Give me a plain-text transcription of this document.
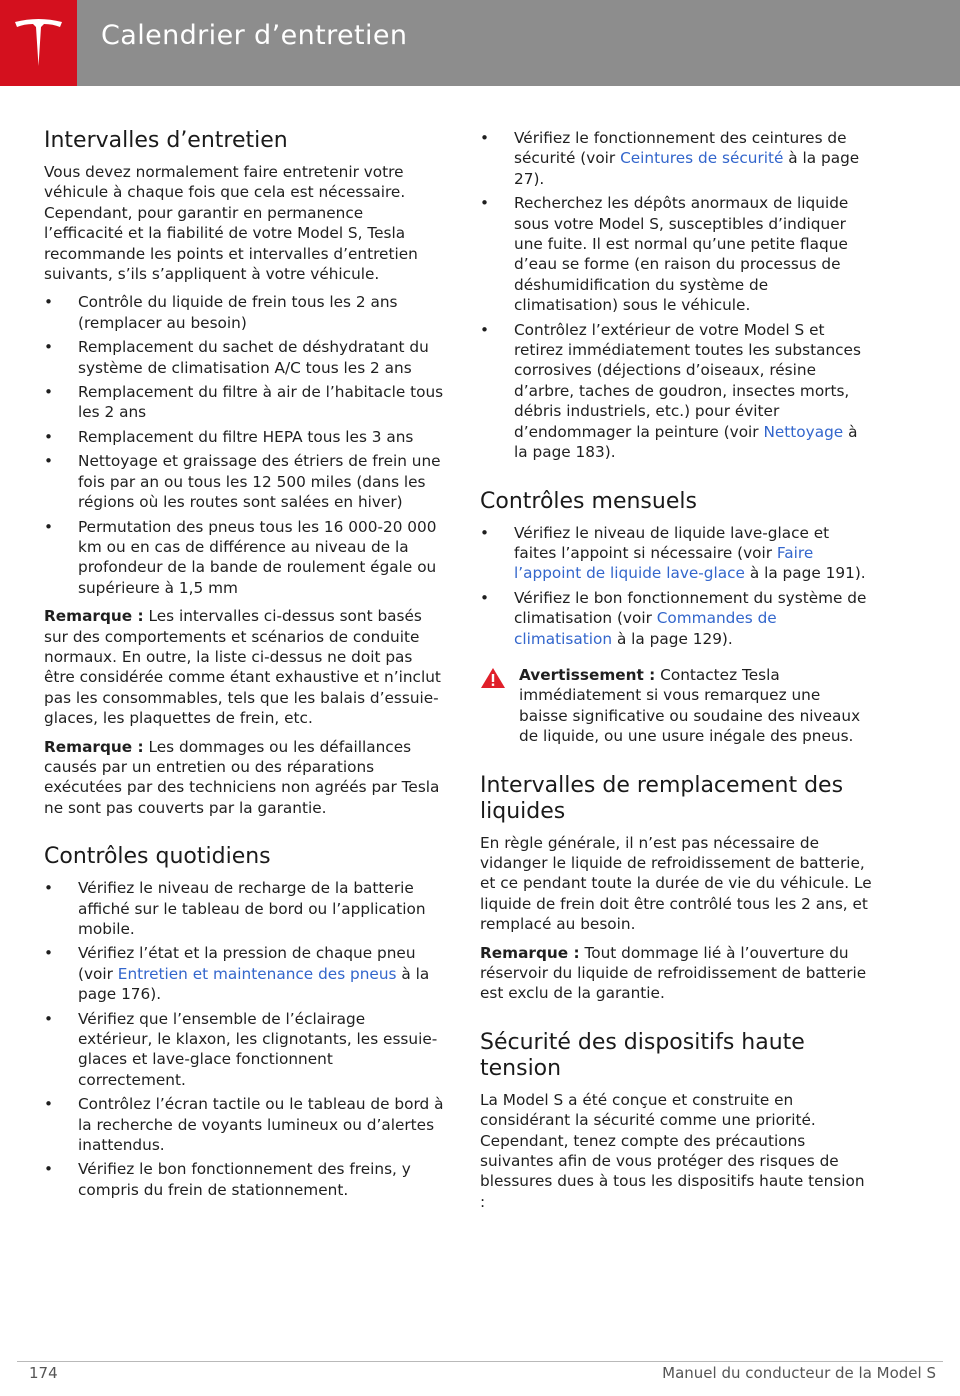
Calendrier d’entretien
Intervalles d’entretien

Vous devez normalement faire entretenir votre véhicule à chaque fois que cela est nécessaire. Cependant, pour garantir en permanence l’efficacité et la fiabilité de votre Model S, Tesla recommande les points et intervalles d’entretien suivants, s’ils s’appliquent à votre véhicule.

• Contrôle du liquide de frein tous les 2 ans (remplacer au besoin)
• Remplacement du sachet de déshydratant du système de climatisation A/C tous les 2 ans
• Remplacement du filtre à air de l’habitacle tous les 2 ans
• Remplacement du filtre HEPA tous les 3 ans
• Nettoyage et graissage des étriers de frein une fois par an ou tous les 12 500 miles (dans les régions où les routes sont salées en hiver)
• Permutation des pneus tous les 16 000-20 000 km ou en cas de différence au niveau de la profondeur de la bande de roulement égale ou supérieure à 1,5 mm

Remarque : Les intervalles ci-dessus sont basés sur des comportements et scénarios de conduite normaux. En outre, la liste ci-dessus ne doit pas être considérée comme étant exhaustive et n’inclut pas les consommables, tels que les balais d’essuie-glaces, les plaquettes de frein, etc.

Remarque : Les dommages ou les défaillances causés par un entretien ou des réparations exécutées par des techniciens non agréés par Tesla ne sont pas couverts par la garantie.

Contrôles quotidiens
• Vérifiez le niveau de recharge de la batterie affiché sur le tableau de bord ou l’application mobile.
• Vérifiez l’état et la pression de chaque pneu (voir Entretien et maintenance des pneus à la page 176).
• Vérifiez que l’ensemble de l’éclairage extérieur, le klaxon, les clignotants, les essuie-glaces et lave-glace fonctionnent correctement.
• Contrôlez l’écran tactile ou le tableau de bord à la recherche de voyants lumineux ou d’alertes inattendus.
• Vérifiez le bon fonctionnement des freins, y compris du frein de stationnement.
• Vérifiez le fonctionnement des ceintures de sécurité (voir Ceintures de sécurité à la page 27).
• Recherchez les dépôts anormaux de liquide sous votre Model S, susceptibles d’indiquer une fuite. Il est normal qu’une petite flaque d’eau se forme (en raison du processus de déshumidification du système de climatisation) sous le véhicule.
• Contrôlez l’extérieur de votre Model S et retirez immédiatement toutes les substances corrosives (déjections d’oiseaux, résine d’arbre, taches de goudron, insectes morts, débris industriels, etc.) pour éviter d’endommager la peinture (voir Nettoyage à la page 183).
Contrôles mensuels
• Vérifiez le niveau de liquide lave-glace et faites l’appoint si nécessaire (voir Faire l’appoint de liquide lave-glace à la page 191).
• Vérifiez le bon fonctionnement du système de climatisation (voir Commandes de climatisation à la page 129).
Avertissement : Contactez Tesla immédiatement si vous remarquez une baisse significative ou soudaine des niveaux de liquide, ou une usure inégale des pneus.
Intervalles de remplacement des liquides

En règle générale, il n’est pas nécessaire de vidanger le liquide de refroidissement de batterie, et ce pendant toute la durée de vie du véhicule. Le liquide de frein doit être contrôlé tous les 2 ans, et remplacé au besoin.

Remarque : Tout dommage lié à l’ouverture du réservoir du liquide de refroidissement de batterie est exclu de la garantie.

Sécurité des dispositifs haute tension

La Model S a été conçue et construite en considérant la sécurité comme une priorité. Cependant, tenez compte des précautions suivantes afin de vous protéger des risques de blessures dues à tous les dispositifs haute tension :

174	Manuel du conducteur de la Model S
